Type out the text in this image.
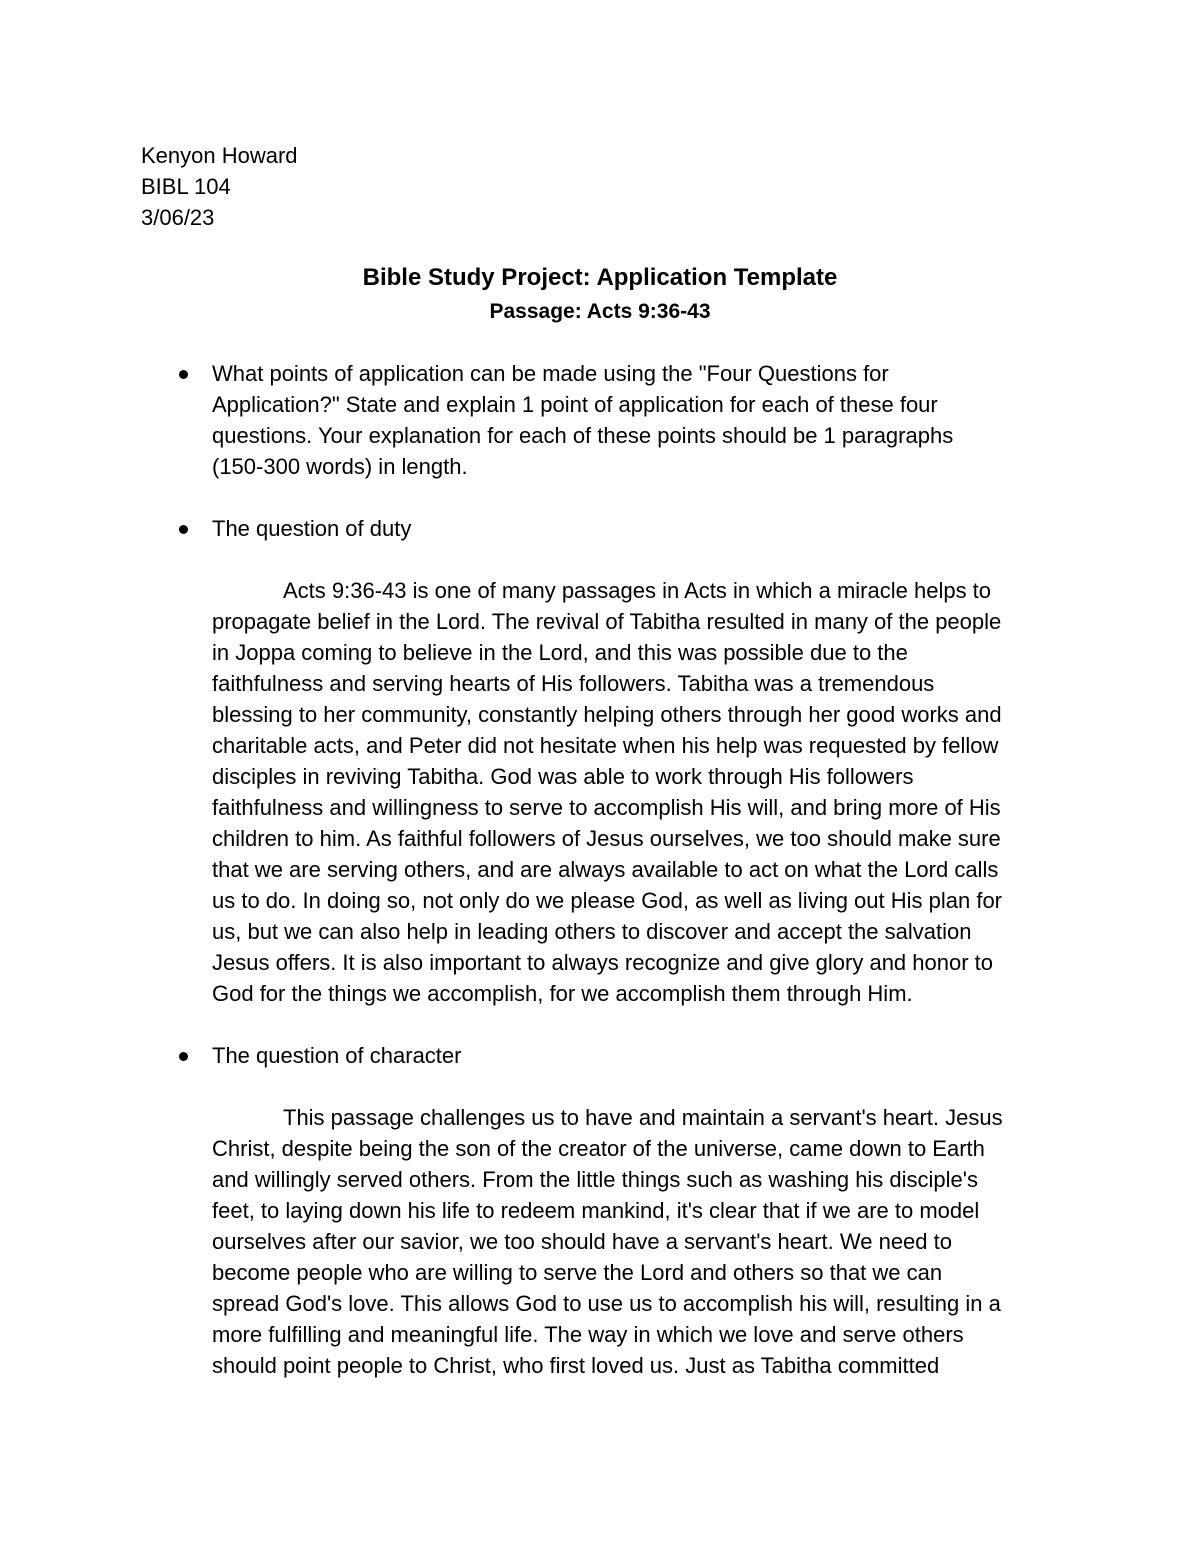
Kenyon Howard
BIBL 104
3/06/23
Bible Study Project: Application Template
Passage: Acts 9:36-43
What points of application can be made using the "Four Questions for
Application?" State and explain 1 point of application for each of these four
questions. Your explanation for each of these points should be 1 paragraphs
(150-300 words) in length.
The question of duty
Acts 9:36-43 is one of many passages in Acts in which a miracle helps to
propagate belief in the Lord. The revival of Tabitha resulted in many of the people
in Joppa coming to believe in the Lord, and this was possible due to the
faithfulness and serving hearts of His followers. Tabitha was a tremendous
blessing to her community, constantly helping others through her good works and
charitable acts, and Peter did not hesitate when his help was requested by fellow
disciples in reviving Tabitha. God was able to work through His followers
faithfulness and willingness to serve to accomplish His will, and bring more of His
children to him. As faithful followers of Jesus ourselves, we too should make sure
that we are serving others, and are always available to act on what the Lord calls
us to do. In doing so, not only do we please God, as well as living out His plan for
us, but we can also help in leading others to discover and accept the salvation
Jesus offers. It is also important to always recognize and give glory and honor to
God for the things we accomplish, for we accomplish them through Him.
The question of character
This passage challenges us to have and maintain a servant's heart. Jesus
Christ, despite being the son of the creator of the universe, came down to Earth
and willingly served others. From the little things such as washing his disciple's
feet, to laying down his life to redeem mankind, it's clear that if we are to model
ourselves after our savior, we too should have a servant's heart. We need to
become people who are willing to serve the Lord and others so that we can
spread God's love. This allows God to use us to accomplish his will, resulting in a
more fulfilling and meaningful life. The way in which we love and serve others
should point people to Christ, who first loved us. Just as Tabitha committed
